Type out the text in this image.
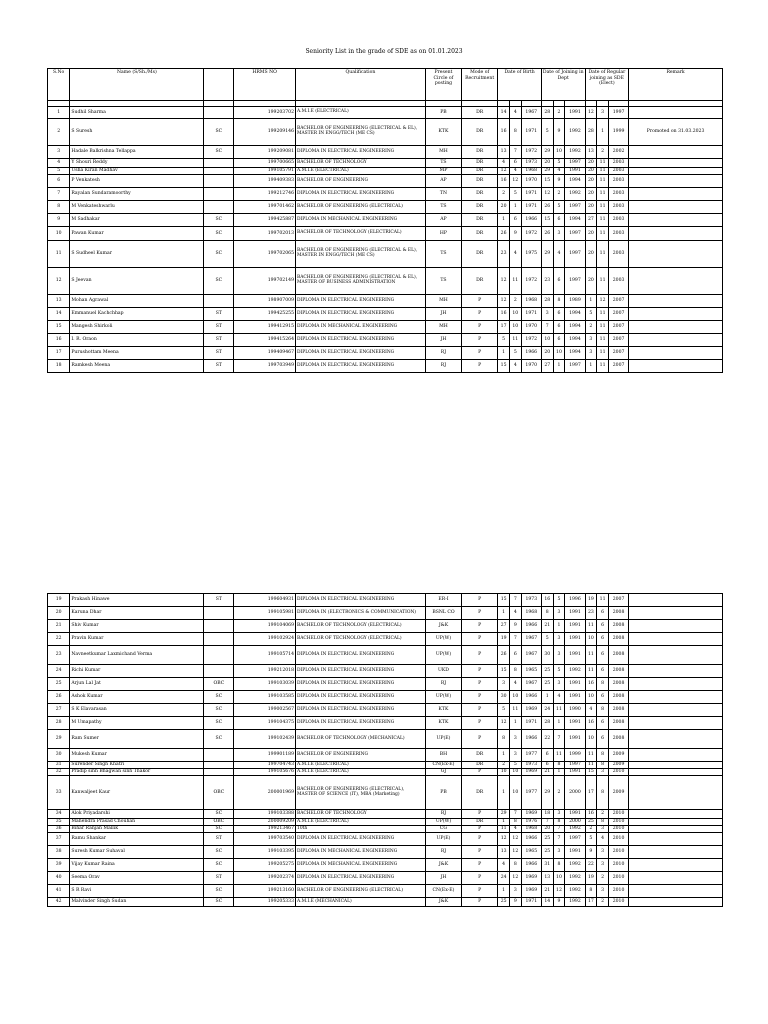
Seniority List in the grade of SDE as on 01.01.2023
S.No	Name (S/Sh./Ms)		HRMS NO	Qualification	Present Circle of posting	Mode of Recruitment	Date of Birth			Date of Joining in Dept			Date of Regular joining as SDE (Elect)			Remark

1	Sudhil Sharma		199203702	A.M.I.E (ELECTRICAL)	PB	DR	14	4	1967	28	2	1991	12	3	1997	
2	S Suresh	SC	199209146	BACHELOR OF ENGINEERING (ELECTRICAL & EL), MASTER IN ENGG/TECH (ME CS)	KTK	DR	16	8	1971	5	9	1992	28	1	1999	Promoted on 31.03.2023
3	Hadale Balkrishna Tellappa	SC	199209081	DIPLOMA IN ELECTRICAL ENGINEERING	MH	DR	13	7	1972	29	10	1992	13	2	2002	
4	Y Shouri Reddy		199700665	BACHELOR OF TECHNOLOGY	TS	DR	4	6	1973	20	5	1997	20	11	2003	
5	Usha Kiran Madhav		199105791	A.M.I.E (ELECTRICAL)	MP	DR	12	4	1968	29	4	1991	20	11	2003	
6	P Venkatesh		199409383	BACHELOR OF ENGINEERING	AP	DR	16	12	1970	15	9	1994	20	11	2003	
7	Rayalan Sundaramoorthy		199212746	DIPLOMA IN ELECTRICAL ENGINEERING	TN	DR	2	5	1971	12	2	1992	20	11	2003	
8	M Venkateshwarlu		199701462	BACHELOR OF ENGINEERING (ELECTRICAL)	TS	DR	20	1	1971	26	5	1997	20	11	2003	
9	M Sadhakar	SC	199425887	DIPLOMA IN MECHANICAL ENGINEERING	AP	DR	1	6	1966	15	6	1994	27	11	2003	
10	Pawan Kumar	SC	199702013	BACHELOR OF TECHNOLOGY (ELECTRICAL)	HP	DR	26	9	1972	26	3	1997	20	11	2003	
11	S Sudheel Kumar	SC	199702065	BACHELOR OF ENGINEERING (ELECTRICAL & EL), MASTER IN ENGG/TECH (ME CS)	TS	DR	23	4	1975	29	4	1997	20	11	2003	
12	S Jeevan	SC	199702149	BACHELOR OF ENGINEERING (ELECTRICAL & EL), MASTER OF BUSINESS ADMINISTRATION	TS	DR	12	11	1972	23	6	1997	20	11	2003	
13	Mohan Agrawal		198907009	DIPLOMA IN ELECTRICAL ENGINEERING	MH	P	12	2	1968	28	8	1989	1	12	2007	
14	Emmanuel Kachchhap	ST	199425255	DIPLOMA IN ELECTRICAL ENGINEERING	JH	P	16	10	1971	3	6	1994	5	11	2007	
15	Mangesh Shirkoli	ST	199412915	DIPLOMA IN MECHANICAL ENGINEERING	MH	P	17	10	1970	7	6	1994	2	11	2007	
16	I. R. Oraon	ST	199415264	DIPLOMA IN ELECTRICAL ENGINEERING	JH	P	5	11	1972	10	6	1994	3	11	2007	
17	Purushottam Meena	ST	199409467	DIPLOMA IN ELECTRICAL ENGINEERING	RJ	P	1	5	1966	20	10	1994	3	11	2007	
18	Ramkesh Meena	ST	199703949	DIPLOMA IN ELECTRICAL ENGINEERING	RJ	P	15	4	1970	27	1	1997	1	11	2007	
19	Prakash Hinawe	ST	199604931	DIPLOMA IN ELECTRICAL ENGINEERING	ER-I	P	15	7	1973	16	5	1996	19	11	2007	
20	Karuna Dhar		199105981	DIPLOMA IN (ELECTRONICS & COMMUNICATION)	BSNL CO	P	1	4	1968	8	3	1991	23	6	2008	
21	Shiv Kumar		199104069	BACHELOR OF TECHNOLOGY (ELECTRICAL)	J&K	P	27	9	1966	21	1	1991	11	6	2008	
22	Pravin Kumar		199102924	BACHELOR OF TECHNOLOGY (ELECTRICAL)	UP(W)	P	19	7	1967	5	3	1991	10	6	2008	
23	Navneetkumar Laxmichand Verma		199105714	DIPLOMA IN ELECTRICAL ENGINEERING	UP(W)	P	26	6	1967	30	3	1991	11	6	2008	
24	Richi Kumar		199212018	DIPLOMA IN ELECTRICAL ENGINEERING	UKD	P	15	8	1965	25	5	1992	11	6	2008	
25	Arjun Lal Jat	OBC	199103039	DIPLOMA IN ELECTRICAL ENGINEERING	RJ	P	3	4	1967	25	3	1991	16	8	2008	
26	Ashok Kumar	SC	199103585	DIPLOMA IN ELECTRICAL ENGINEERING	UP(W)	P	30	10	1966	1	4	1991	10	6	2008	
27	S K Elavarasan	SC	199002567	DIPLOMA IN ELECTRICAL ENGINEERING	KTK	P	5	11	1969	24	11	1990	4	8	2008	
28	M Umapathy	SC	199104375	DIPLOMA IN ELECTRICAL ENGINEERING	KTK	P	12	1	1971	28	1	1991	16	6	2008	
29	Ram Sumer	SC	199102439	BACHELOR OF TECHNOLOGY (MECHANICAL)	UP(E)	P	8	3	1966	22	7	1991	10	6	2008	
30	Mukesh Kumar		199901189	BACHELOR OF ENGINEERING	BH	DR	1	3	1977	6	11	1999	11	8	2009	
31	Surender Singh Khatri		199704743	A.M.I.E (ELECTRICAL)	CN(Ex-E)	DR	2	5	1973	6	8	1997	11	8	2009	
32	Pradip sinh Bhagwan sinh Thakor		199105676	A.M.I.E (ELECTRICAL)	GJ	P	10	10	1969	21	1	1991	15	3	2010	
33	Kanwaljeet Kaur	OBC	200001969	BACHELOR OF ENGINEERING (ELECTRICAL), MASTER OF SCIENCE (IT), MBA (Marketing)	PB	DR	1	10	1977	29	2	2000	17	8	2009	
34	Alok Priyadarshi	SC	199103388	BACHELOR OF TECHNOLOGY	RJ	P	29	7	1969	18	3	1991	16	2	2010	
35	Mahendra Prasad Chouhan	OBC	200009209	A.M.I.E (ELECTRICAL)	UP(W)	DR	1	8	1976	7	8	2000	25	8	2010	
36	Bihar Ranjan Mallik	SC	199213467	10th	CG	P	11	4	1968	20	7	1992	2	3	2010	
37	Ramu Shankar	ST	199703540	DIPLOMA IN ELECTRICAL ENGINEERING	UP(E)	P	12	12	1966	25	7	1997	5	4	2010	
38	Suresh Kumar Suhaval	SC	199103395	DIPLOMA IN MECHANICAL ENGINEERING	RJ	P	13	12	1965	25	3	1991	9	3	2010	
39	Vijay Kumar Raina	SC	199205275	DIPLOMA IN MECHANICAL ENGINEERING	J&K	P	4	8	1966	31	8	1992	22	3	2010	
40	Seema Orav	ST	199202374	DIPLOMA IN ELECTRICAL ENGINEERING	JH	P	24	12	1969	13	10	1992	19	2	2010	
41	S R Ravi	SC	199213160	BACHELOR OF ENGINEERING (ELECTRICAL)	CN(Ex-E)	P	1	3	1969	21	12	1992	8	3	2010	
42	Malvinder Singh Sudan	SC	199205333	A.M.I.E (MECHANICAL)	J&K	P	25	9	1971	14	9	1992	17	2	2010	
